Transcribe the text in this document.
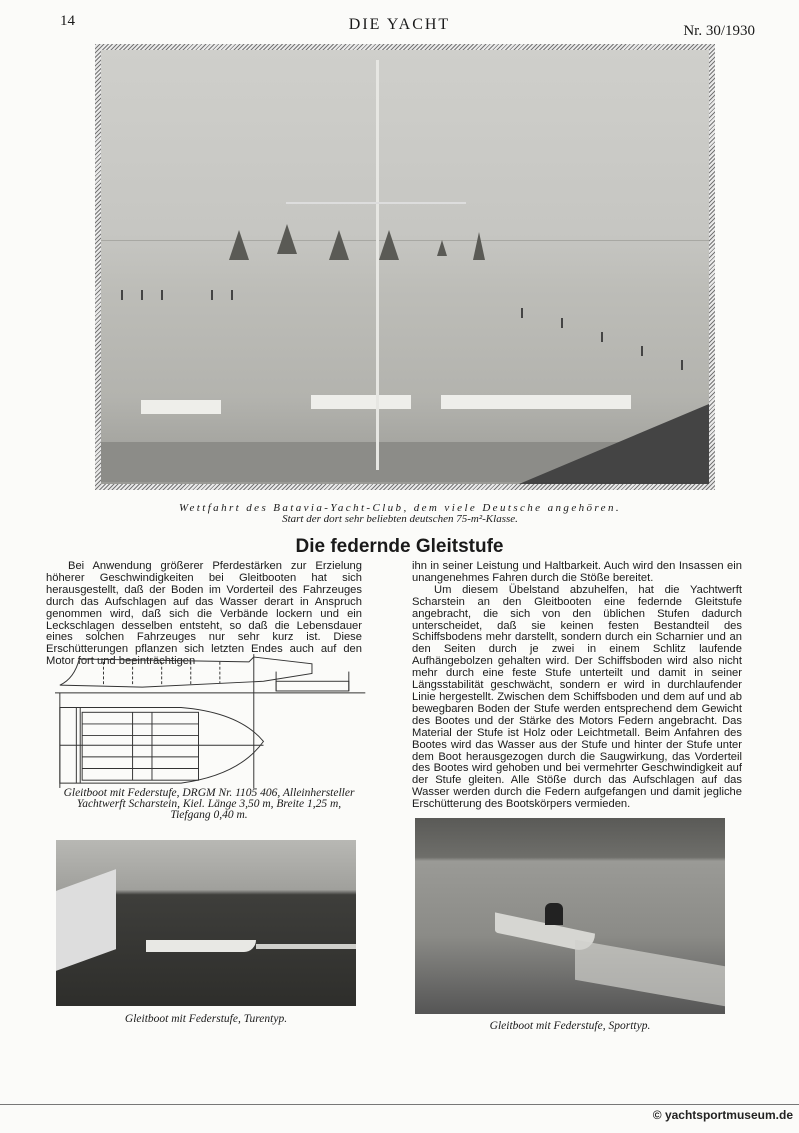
14	DIE YACHT	Nr. 30/1930
Wettfahrt des Batavia-Yacht-Club, dem viele Deutsche angehören.
Start der dort sehr beliebten deutschen 75-m²-Klasse.
Die federnde Gleitstufe

Bei Anwendung größerer Pferdestärken zur Erzielung höherer Geschwindigkeiten bei Gleitbooten hat sich herausgestellt, daß der Boden im Vorderteil des Fahrzeuges durch das Aufschlagen auf das Wasser derart in Anspruch genommen wird, daß sich die Verbände lockern und ein Leckschlagen desselben entsteht, so daß die Lebensdauer eines solchen Fahrzeuges nur sehr kurz ist. Diese Erschütterungen pflanzen sich letzten Endes auch auf den Motor fort und beeinträchtigen

Gleitboot mit Federstufe, DRGM Nr. 1105 406, Alleinhersteller
Yachtwerft Scharstein, Kiel. Länge 3,50 m, Breite 1,25 m,
Tiefgang 0,40 m.

ihn in seiner Leistung und Haltbarkeit. Auch wird den Insassen ein unangenehmes Fahren durch die Stöße bereitet.

Um diesem Übelstand abzuhelfen, hat die Yachtwerft Scharstein an den Gleitbooten eine federnde Gleitstufe angebracht, die sich von den üblichen Stufen dadurch unterscheidet, daß sie keinen festen Bestandteil des Schiffsbodens mehr darstellt, sondern durch ein Scharnier und an den Seiten durch je zwei in einem Schlitz laufende Aufhängebolzen gehalten wird. Der Schiffsboden wird also nicht mehr durch eine feste Stufe unterteilt und damit in seiner Längsstabilität geschwächt, sondern er wird in durchlaufender Linie hergestellt. Zwischen dem Schiffsboden und dem auf und ab bewegbaren Boden der Stufe werden entsprechend dem Gewicht des Bootes und der Stärke des Motors Federn angebracht. Das Material der Stufe ist Holz oder Leichtmetall. Beim Anfahren des Bootes wird das Wasser aus der Stufe und hinter der Stufe unter dem Boot herausgezogen durch die Saugwirkung, das Vorderteil des Bootes wird gehoben und bei vermehrter Geschwindigkeit auf der Stufe gleiten. Alle Stöße durch das Aufschlagen auf das Wasser werden durch die Federn aufgefangen und damit jegliche Erschütterung des Bootskörpers vermieden.

Gleitboot mit Federstufe, Turentyp.
Gleitboot mit Federstufe, Sporttyp.
© yachtsportmuseum.de
